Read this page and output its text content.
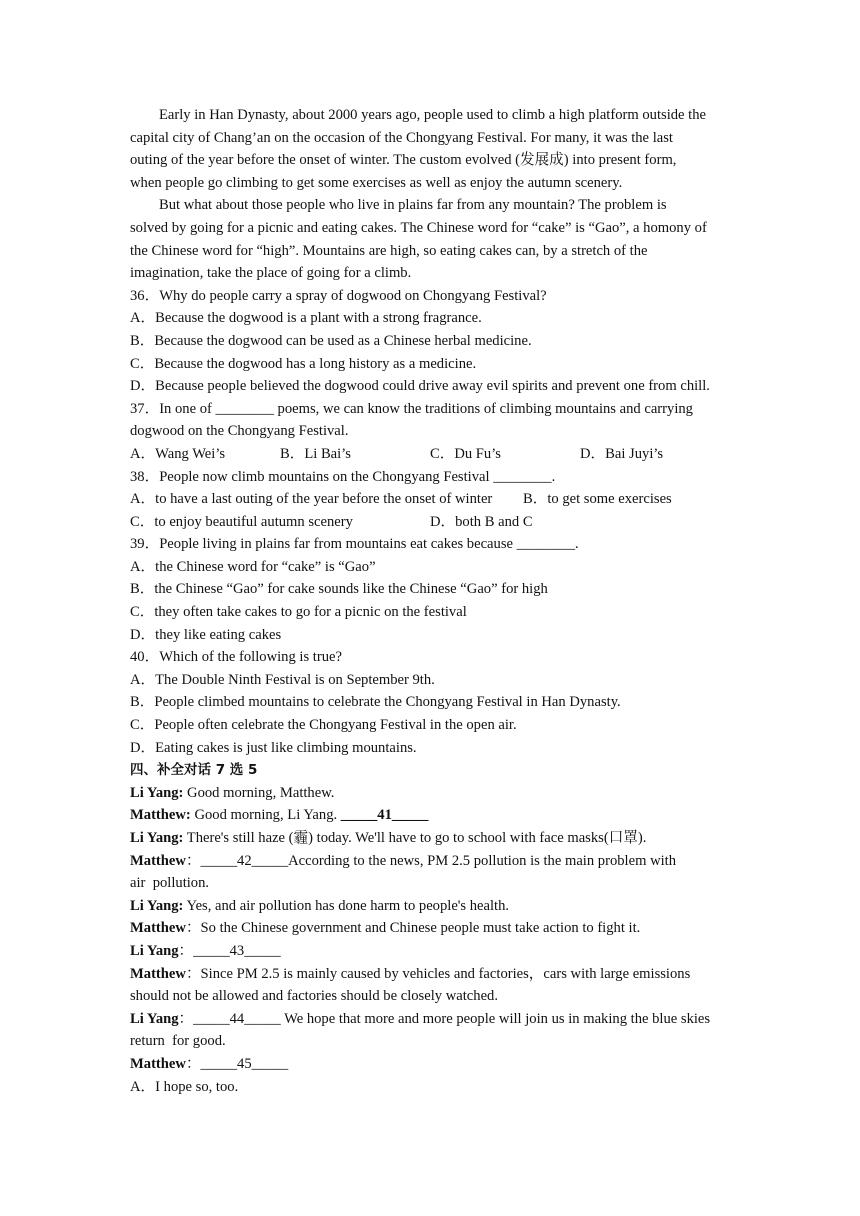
Early in Han Dynasty, about 2000 years ago, people used to climb a high platform outside the
capital city of Chang’an on the occasion of the Chongyang Festival. For many, it was the last
outing of the year before the onset of winter. The custom evolved (发展成) into present form,
when people go climbing to get some exercises as well as enjoy the autumn scenery.
But what about those people who live in plains far from any mountain? The problem is
solved by going for a picnic and eating cakes. The Chinese word for “cake” is “Gao”, a homony of
the Chinese word for “high”. Mountains are high, so eating cakes can, by a stretch of the
imagination, take the place of going for a climb.
36．Why do people carry a spray of dogwood on Chongyang Festival?
A．Because the dogwood is a plant with a strong fragrance.
B．Because the dogwood can be used as a Chinese herbal medicine.
C．Because the dogwood has a long history as a medicine.
D．Because people believed the dogwood could drive away evil spirits and prevent one from chill.
37．In one of ________ poems, we can know the traditions of climbing mountains and carrying
dogwood on the Chongyang Festival.
A．Wang Wei’s	B．Li Bai’s	C．Du Fu’s	D．Bai Juyi’s
38．People now climb mountains on the Chongyang Festival ________.
A．to have a last outing of the year before the onset of winter	B．to get some exercises
C．to enjoy beautiful autumn scenery	D．both B and C
39．People living in plains far from mountains eat cakes because ________.
A．the Chinese word for “cake” is “Gao”
B．the Chinese “Gao” for cake sounds like the Chinese “Gao” for high
C．they often take cakes to go for a picnic on the festival
D．they like eating cakes
40．Which of the following is true?
A．The Double Ninth Festival is on September 9th.
B．People climbed mountains to celebrate the Chongyang Festival in Han Dynasty.
C．People often celebrate the Chongyang Festival in the open air.
D．Eating cakes is just like climbing mountains.
四、补全对话 7 选 5
Li Yang: Good morning, Matthew.
Matthew: Good morning, Li Yang. _____41_____
Li Yang: There's still haze (霾) today. We'll have to go to school with face masks(口罩).
Matthew：_____42_____According to the news, PM 2.5 pollution is the main problem with
air  pollution.
Li Yang: Yes, and air pollution has done harm to people's health.
Matthew：So the Chinese government and Chinese people must take action to fight it.
Li Yang：_____43_____
Matthew：Since PM 2.5 is mainly caused by vehicles and factories，cars with large emissions
should not be allowed and factories should be closely watched.
Li Yang：_____44_____ We hope that more and more people will join us in making the blue skies
return  for good.
Matthew：_____45_____
A．I hope so, too.
